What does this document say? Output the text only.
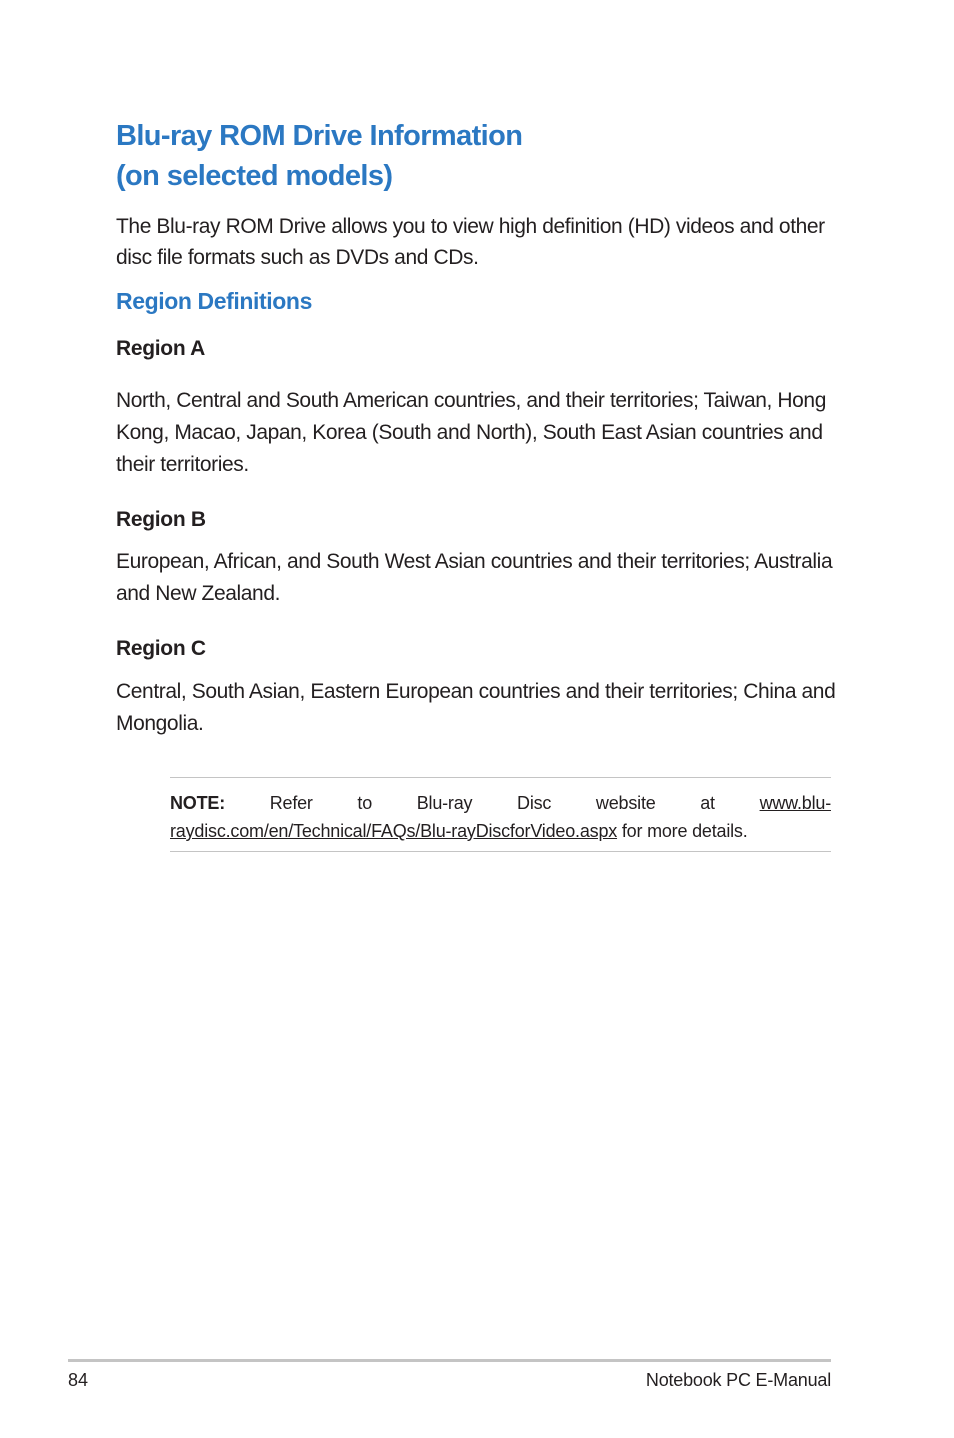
Blu-ray ROM Drive Information
(on selected models)

The Blu-ray ROM Drive allows you to view high definition (HD) videos and other disc file formats such as DVDs and CDs.

Region Definitions
Region A

North, Central and South American countries, and their territories; Taiwan, Hong Kong, Macao, Japan, Korea (South and North), South East Asian countries and their territories.

Region B

European, African, and South West Asian countries and their territories; Australia and New Zealand.

Region C

Central, South Asian, Eastern European countries and their territories; China and Mongolia.

NOTE: Refer to Blu-ray Disc website at www.blu-raydisc.com/en/Technical/FAQs/Blu-rayDiscforVideo.aspx for more details.

84	Notebook PC E-Manual
